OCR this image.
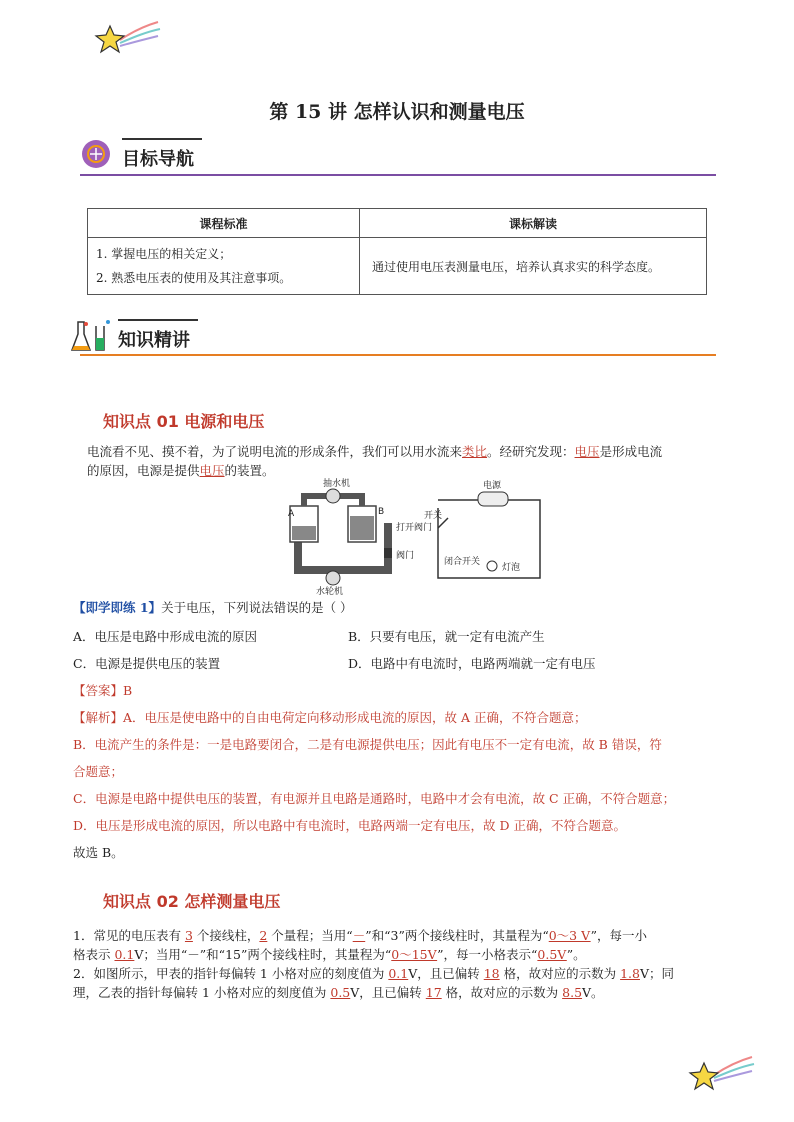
第 15 讲 怎样认识和测量电压
目标导航
课程标准	课标解读

1. 掌握电压的相关定义；
2. 熟悉电压表的使用及其注意事项。	通过使用电压表测量电压，培养认真求实的科学态度。
知识精讲
知识点 01 电源和电压
电流看不见、摸不着，为了说明电流的形成条件，我们可以用水流来类比。经研究发现：电压是形成电流
的原因，电源是提供电压的装置。
抽水机
A	B
打开阀门
阀门
水轮机
电源
开关
闭合开关
灯泡
【即学即练 1】关于电压，下列说法错误的是（ ）
A．电压是电路中形成电流的原因	B．只要有电压，就一定有电流产生
C．电源是提供电压的装置	D．电路中有电流时，电路两端就一定有电压
【答案】B
【解析】A．电压是使电路中的自由电荷定向移动形成电流的原因，故 A 正确，不符合题意；
B．电流产生的条件是：一是电路要闭合，二是有电源提供电压；因此有电压不一定有电流，故 B 错误，符
合题意；
C．电源是电路中提供电压的装置，有电源并且电路是通路时，电路中才会有电流，故 C 正确，不符合题意；
D．电压是形成电流的原因，所以电路中有电流时，电路两端一定有电压，故 D 正确，不符合题意。
故选 B。
知识点 02 怎样测量电压
1．常见的电压表有 3 个接线柱，2 个量程；当用“－”和“3”两个接线柱时，其量程为“0～3 V”，每一小
格表示 0.1V；当用“－”和“15”两个接线柱时，其量程为“0～15V”，每一小格表示“0.5V”。
2．如图所示，甲表的指针每偏转 1 小格对应的刻度值为 0.1V，且已偏转 18 格，故对应的示数为 1.8V；同
理，乙表的指针每偏转 1 小格对应的刻度值为 0.5V，且已偏转 17 格，故对应的示数为 8.5V。
